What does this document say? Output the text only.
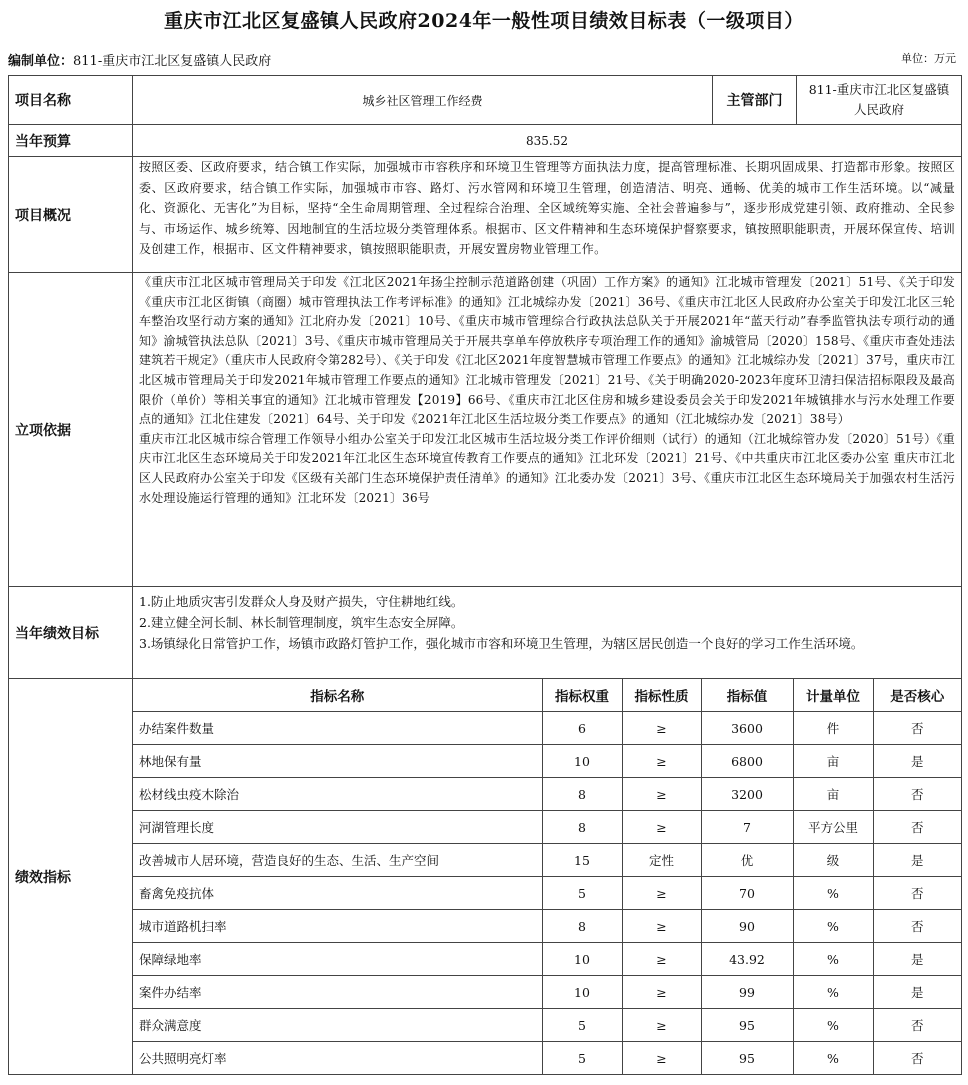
重庆市江北区复盛镇人民政府2024年一般性项目绩效目标表（一级项目）
编制单位：811-重庆市江北区复盛镇人民政府	单位：万元
项目名称	城乡社区管理工作经费	主管部门	811-重庆市江北区复盛镇人民政府
当年预算	835.52
项目概况	
按照区委、区政府要求，结合镇工作实际，加强城市市容秩序和环境卫生管理等方面执法力度，提高管理标准、长期巩固成果、打造都市形象。按照区委、区政府要求，结合镇工作实际，加强城市市容、路灯、污水管网和环境卫生管理，创造清洁、明亮、通畅、优美的城市工作生活环境。以“减量化、资源化、无害化”为目标，坚持“全生命周期管理、全过程综合治理、全区域统筹实施、全社会普遍参与”，逐步形成党建引领、政府推动、全民参与、市场运作、城乡统筹、因地制宜的生活垃圾分类管理体系。根据市、区文件精神和生态环境保护督察要求，镇按照职能职责，开展环保宣传、培训及创建工作，根据市、区文件精神要求，镇按照职能职责，开展安置房物业管理工作。

立项依据	
《重庆市江北区城市管理局关于印发《江北区2021年扬尘控制示范道路创建（巩固）工作方案》的通知》江北城市管理发〔2021〕51号、《关于印发《重庆市江北区街镇（商圈）城市管理执法工作考评标准》的通知》江北城综办发〔2021〕36号、《重庆市江北区人民政府办公室关于印发江北区三轮车整治攻坚行动方案的通知》江北府办发〔2021〕10号、《重庆市城市管理综合行政执法总队关于开展2021年“蓝天行动”春季监管执法专项行动的通知》渝城管执法总队〔2021〕3号、《重庆市城市管理局关于开展共享单车停放秩序专项治理工作的通知》渝城管局〔2020〕158号、《重庆市查处违法建筑若干规定》（重庆市人民政府令第282号）、《关于印发《江北区2021年度智慧城市管理工作要点》的通知》江北城综办发〔2021〕37号，重庆市江北区城市管理局关于印发2021年城市管理工作要点的通知》江北城市管理发〔2021〕21号、《关于明确2020-2023年度环卫清扫保洁招标限段及最高限价（单价）等相关事宜的通知》江北城市管理发【2019】66号、《重庆市江北区住房和城乡建设委员会关于印发2021年城镇排水与污水处理工作要点的通知》江北住建发〔2021〕64号、关于印发《2021年江北区生活垃圾分类工作要点》的通知（江北城综办发〔2021〕38号）
重庆市江北区城市综合管理工作领导小组办公室关于印发江北区城市生活垃圾分类工作评价细则（试行）的通知（江北城综管办发〔2020〕51号）《重庆市江北区生态环境局关于印发2021年江北区生态环境宣传教育工作要点的通知》江北环发〔2021〕21号、《中共重庆市江北区委办公室 重庆市江北区人民政府办公室关于印发《区级有关部门生态环境保护责任清单》的通知》江北委办发〔2021〕3号、《重庆市江北区生态环境局关于加强农村生活污水处理设施运行管理的通知》江北环发〔2021〕36号

当年绩效目标	
1.防止地质灾害引发群众人身及财产损失，守住耕地红线。
2.建立健全河长制、林长制管理制度，筑牢生态安全屏障。
3.场镇绿化日常管护工作，场镇市政路灯管护工作，强化城市市容和环境卫生管理，为辖区居民创造一个良好的学习工作生活环境。

绩效指标	
指标名称	指标权重	指标性质	指标值	计量单位	是否核心
办结案件数量	6	≥	3600	件	否
林地保有量	10	≥	6800	亩	是
松材线虫疫木除治	8	≥	3200	亩	否
河湖管理长度	8	≥	7	平方公里	否
改善城市人居环境，营造良好的生态、生活、生产空间	15	定性	优	级	是
畜禽免疫抗体	5	≥	70	%	否
城市道路机扫率	8	≥	90	%	否
保障绿地率	10	≥	43.92	%	是
案件办结率	10	≥	99	%	是
群众满意度	5	≥	95	%	否
公共照明亮灯率	5	≥	95	%	否
